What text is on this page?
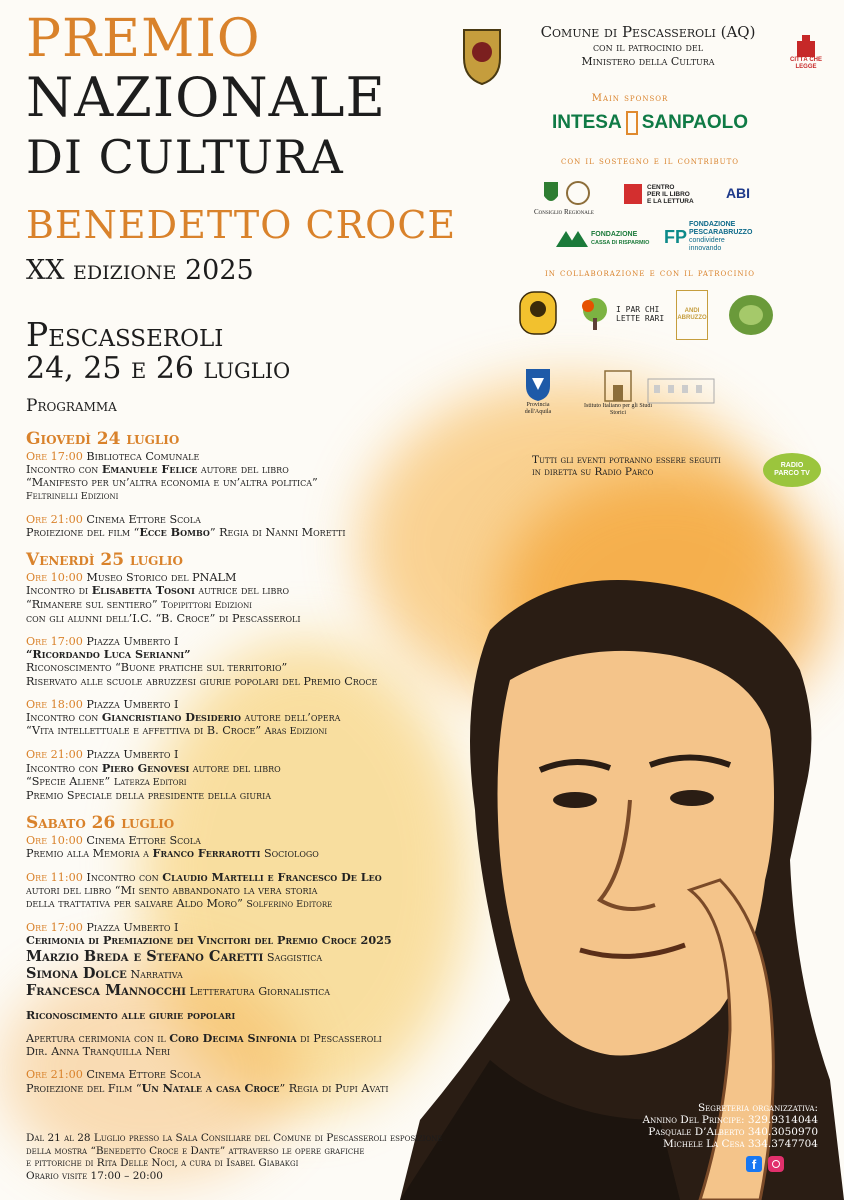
PREMIO
NAZIONALE
DI CULTURA
BENEDETTO CROCE
XX edizione 2025
Pescasseroli
24, 25 e 26 luglio
Programma
Comune di Pescasseroli (AQ)
con il patrocinio del
Ministero della Cultura	CITTÀ CHE LEGGE
Main sponsor
INTESA SANPAOLO
con il sostegno e il contributo
Consiglio Regionale
CENTRO
PER IL LIBRO
E LA LETTURA	ABI
FONDAZIONE
CASSA DI RISPARMIO FP
FONDAZIONE
PESCARABRUZZO
condividere innovando
in collaborazione e con il patrocinio
I PAR CHI LETTE RARI
ANDI ABRUZZO
Provincia dell'Aquila
Istituto Italiano per gli Studi Storici
Tutti gli eventi potranno essere seguiti
in diretta su Radio Parco
RADIO PARCO TV
Giovedì 24 luglio
Ore 17:00 Biblioteca Comunale
Incontro con Emanuele Felice autore del libro
“Manifesto per un’altra economia e un’altra politica”
Feltrinelli Edizioni
Ore 21:00 Cinema Ettore Scola
Proiezione del film “Ecce Bombo” Regia di Nanni Moretti
Venerdì 25 luglio
Ore 10:00 Museo Storico del PNALM
Incontro di Elisabetta Tosoni autrice del libro
“Rimanere sul sentiero” Topipittori Edizioni
con gli alunni dell’I.C. “B. Croce” di Pescasseroli
Ore 17:00 Piazza Umberto I
“Ricordando Luca Serianni”
Riconoscimento “Buone pratiche sul territorio”
Riservato alle scuole abruzzesi giurie popolari del Premio Croce
Ore 18:00 Piazza Umberto I
Incontro con Giancristiano Desiderio autore dell’opera
“Vita intellettuale e affettiva di B. Croce” Aras Edizioni
Ore 21:00 Piazza Umberto I
Incontro con Piero Genovesi autore del libro
“Specie Aliene” Laterza Editori
Premio Speciale della presidente della giuria
Sabato 26 luglio
Ore 10:00 Cinema Ettore Scola
Premio alla Memoria a Franco Ferrarotti Sociologo
Ore 11:00 Incontro con Claudio Martelli e Francesco De Leo
autori del libro “Mi sento abbandonato la vera storia
della trattativa per salvare Aldo Moro” Solferino Editore
Ore 17:00 Piazza Umberto I
Cerimonia di Premiazione dei Vincitori del Premio Croce 2025
Marzio Breda e Stefano Caretti Saggistica
Simona Dolce Narrativa
Francesca Mannocchi Letteratura Giornalistica
Riconoscimento alle giurie popolari
Apertura cerimonia con il Coro Decima Sinfonia di Pescasseroli
Dir. Anna Tranquilla Neri
Ore 21:00 Cinema Ettore Scola
Proiezione del Film “Un Natale a casa Croce” Regia di Pupi Avati
Dal 21 al 28 Luglio presso la Sala Consiliare del Comune di Pescasseroli esposizione
della mostra “Benedetto Croce e Dante” attraverso le opere grafiche
e pittoriche di Rita Delle Noci, a cura di Isabel Giabakgi
Orario visite 17:00 – 20:00
Segreteria organizzativa:
Annino Del Principe: 329.9314044
Pasquale D’Alberto 340.3050970
Michele La Cesa 334.3747704
f
